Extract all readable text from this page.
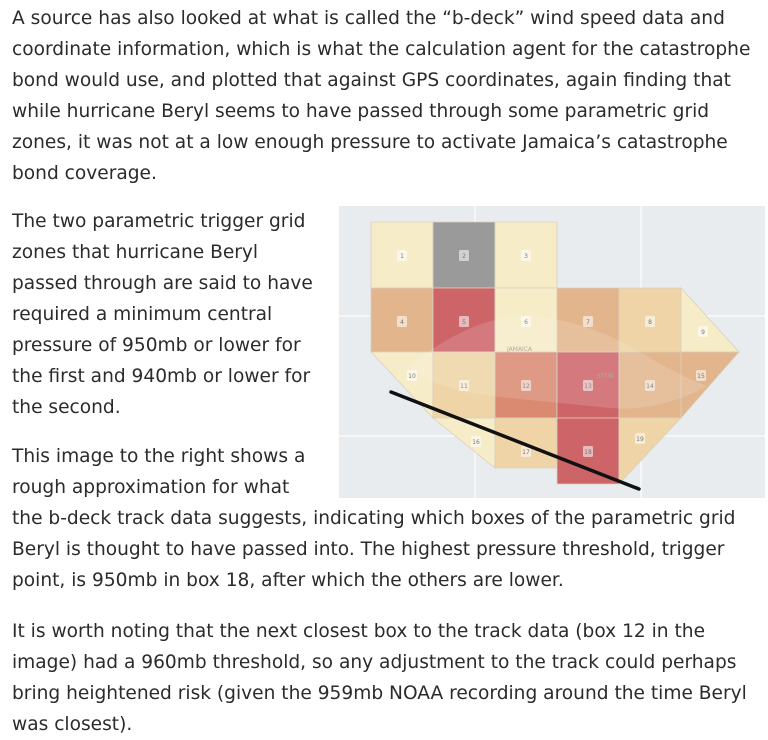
A source has also looked at what is called the “b-deck” wind speed data and
coordinate information, which is what the calculation agent for the catastrophe
bond would use, and plotted that against GPS coordinates, again finding that
while hurricane Beryl seems to have passed through some parametric grid
zones, it was not at a low enough pressure to activate Jamaica’s catastrophe
bond coverage.

The two parametric trigger grid
zones that hurricane Beryl
passed through are said to have
required a minimum central
pressure of 950mb or lower for
the first and 940mb or lower for
the second.

This image to the right shows a
rough approximation for what

the b-deck track data suggests, indicating which boxes of the parametric grid
Beryl is thought to have passed into. The highest pressure threshold, trigger
point, is 950mb in box 18, after which the others are lower.

It is worth noting that the next closest box to the track data (box 12 in the
image) had a 960mb threshold, so any adjustment to the track could perhaps
bring heightened risk (given the 959mb NOAA recording around the time Beryl
was closest).

1	2	3
4	5	6	7	8
9
10
11	12	13	14
15
16
17	18
19
JAMAICA
STON
